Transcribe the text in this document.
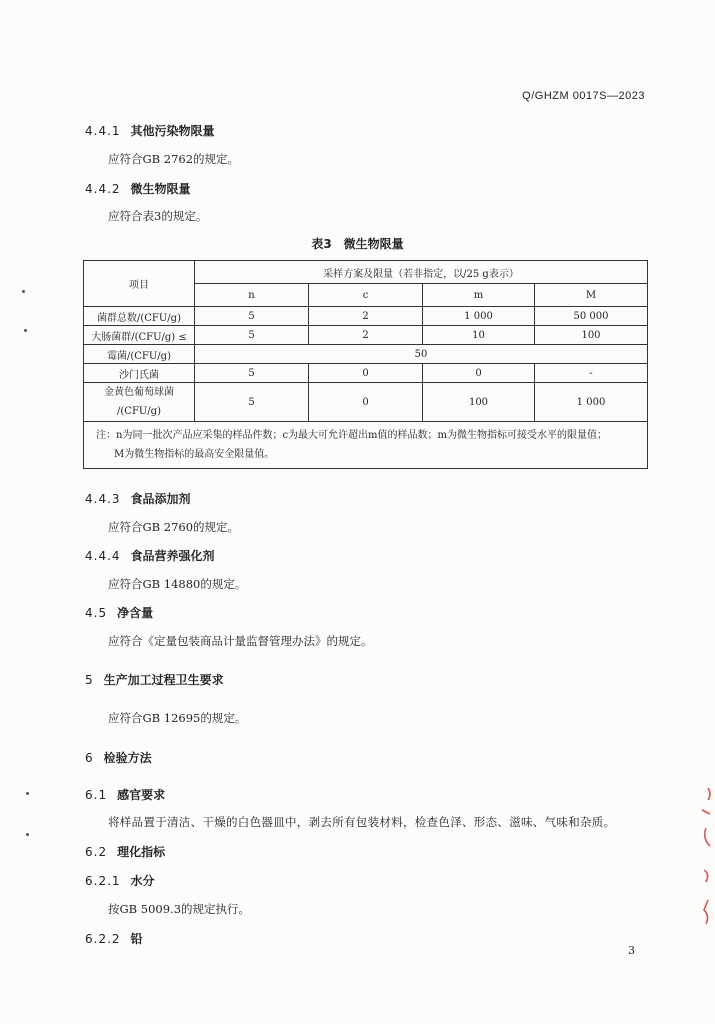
Q/GHZM 0017S—2023
4.4.1 其他污染物限量
应符合GB 2762的规定。
4.4.2 微生物限量
应符合表3的规定。
表3　微生物限量
项目	采样方案及限量（若非指定，以/25 g表示）			
	n	c	m	M
菌群总数/(CFU/g)	5	2	1 000	50 000
大肠菌群/(CFU/g) ≤	5	2	10	100
霉菌/(CFU/g)	50			
沙门氏菌	5	0	0	-

金黄色葡萄球菌
/(CFU/g)	5	0	100	1 000

注：n为同一批次产品应采集的样品件数；c为最大可允许超出m值的样品数；m为微生物指标可接受水平的限量值；
M为微生物指标的最高安全限量值。				
4.4.3 食品添加剂
应符合GB 2760的规定。
4.4.4 食品营养强化剂
应符合GB 14880的规定。
4.5 净含量
应符合《定量包装商品计量监督管理办法》的规定。
5 生产加工过程卫生要求
应符合GB 12695的规定。
6 检验方法
6.1 感官要求
将样品置于清洁、干燥的白色器皿中，剥去所有包装材料，检查色泽、形态、滋味、气味和杂质。
6.2 理化指标
6.2.1 水分
按GB 5009.3的规定执行。
6.2.2 铅
3
